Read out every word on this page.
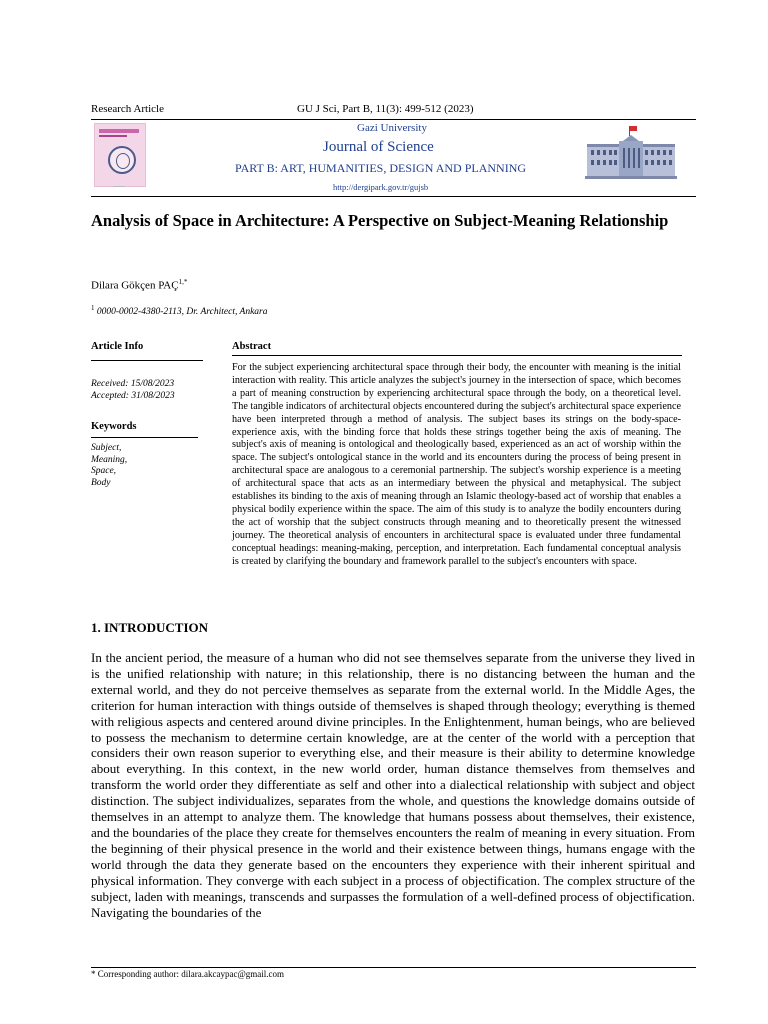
Research Article	GU J Sci, Part B, 11(3): 499-512 (2023)
Gazi University
Journal of Science
PART B: ART, HUMANITIES, DESIGN AND PLANNING
http://dergipark.gov.tr/gujsb
Analysis of Space in Architecture: A Perspective on Subject-Meaning Relationship
Dilara Gökçen $PAÇ^{1,*}$
$^1$ 0000-0002-4380-2113, Dr. Architect, Ankara
Article Info
Received: 15/08/2023
Accepted: 31/08/2023
Keywords
Subject,
Meaning,
Space,
Body
Abstract
For the subject experiencing architectural space through their body, the encounter with meaning is the initial interaction with reality. This article analyzes the subject's journey in the intersection of space, which becomes a part of meaning construction by experiencing architectural space through the body, on a theoretical level. The tangible indicators of architectural objects encountered during the subject's architectural space experience have been interpreted through a method of analysis. The subject bases its strings on the body-space-experience axis, with the binding force that holds these strings together being the axis of meaning. The subject's axis of meaning is ontological and theologically based, experienced as an act of worship within the space. The subject's ontological stance in the world and its encounters during the process of being present in architectural space are analogous to a ceremonial partnership. The subject's worship experience is a meeting of architectural space that acts as an intermediary between the physical and metaphysical. The subject establishes its binding to the axis of meaning through an Islamic theology-based act of worship that enables a physical bodily experience within the space. The aim of this study is to analyze the bodily encounters during the act of worship that the subject constructs through meaning and to theoretically present the witnessed journey. The theoretical analysis of encounters in architectural space is evaluated under three fundamental conceptual headings: meaning-making, perception, and interpretation. Each fundamental conceptual analysis is created by clarifying the boundary and framework parallel to the subject's encounters with space.
1. INTRODUCTION
In the ancient period, the measure of a human who did not see themselves separate from the universe they lived in is the unified relationship with nature; in this relationship, there is no distancing between the human and the external world, and they do not perceive themselves as separate from the external world. In the Middle Ages, the criterion for human interaction with things outside of themselves is shaped through theology; everything is themed with religious aspects and centered around divine principles. In the Enlightenment, human beings, who are believed to possess the mechanism to determine certain knowledge, are at the center of the world with a perception that considers their own reason superior to everything else, and their measure is their ability to determine knowledge about everything. In this context, in the new world order, human distance themselves from themselves and transform the world order they differentiate as self and other into a dialectical relationship with subject and object distinction. The subject individualizes, separates from the whole, and questions the knowledge domains outside of themselves in an attempt to analyze them. The knowledge that humans possess about themselves, their existence, and the boundaries of the place they create for themselves encounters the realm of meaning in every situation. From the beginning of their physical presence in the world and their existence between things, humans engage with the world through the data they generate based on the encounters they experience with their inherent spiritual and physical information. They converge with each subject in a process of objectification. The complex structure of the subject, laden with meanings, transcends and surpasses the formulation of a well-defined process of objectification. Navigating the boundaries of the
* Corresponding author: dilara.akcaypac@gmail.com
